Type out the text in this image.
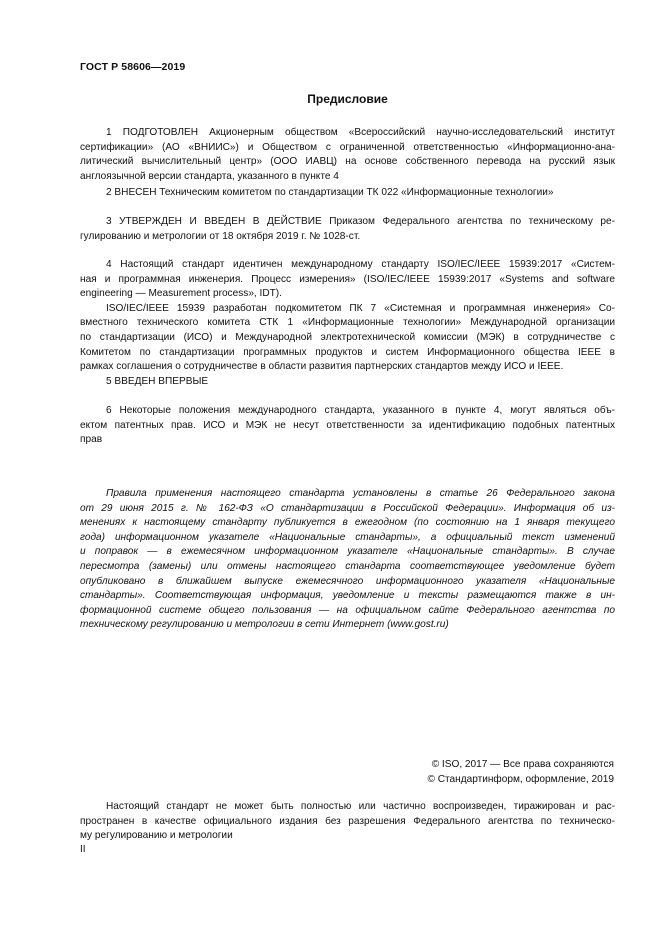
ГОСТ Р 58606—2019
Предисловие
1 ПОДГОТОВЛЕН Акционерным обществом «Всероссийский научно-исследовательский институт
сертификации» (АО «ВНИИС») и Обществом с ограниченной ответственностью «Информационно-ана-
литический вычислительный центр» (ООО ИАВЦ) на основе собственного перевода на русский язык
англоязычной версии стандарта, указанного в пункте 4
2 ВНЕСЕН Техническим комитетом по стандартизации ТК 022 «Информационные технологии»
3 УТВЕРЖДЕН И ВВЕДЕН В ДЕЙСТВИЕ Приказом Федерального агентства по техническому ре-
гулированию и метрологии от 18 октября 2019 г. № 1028-ст.
4 Настоящий стандарт идентичен международному стандарту ISO/IEC/IEEE 15939:2017 «Систем-
ная и программная инженерия. Процесс измерения» (ISO/IEC/IEEE 15939:2017 «Systems and software
engineering — Measurement process», IDT).
ISO/IEC/IEEE 15939 разработан подкомитетом ПК 7 «Системная и программная инженерия» Со-
вместного технического комитета СТК 1 «Информационные технологии» Международной организации
по стандартизации (ИСО) и Международной электротехнической комиссии (МЭК) в сотрудничестве с
Комитетом по стандартизации программных продуктов и систем Информационного общества IEEE в
рамках соглашения о сотрудничестве в области развития партнерских стандартов между ИСО и IEEE.
5 ВВЕДЕН ВПЕРВЫЕ
6 Некоторые положения международного стандарта, указанного в пункте 4, могут являться объ-
ектом патентных прав. ИСО и МЭК не несут ответственности за идентификацию подобных патентных
прав
Правила применения настоящего стандарта установлены в статье 26 Федерального закона
от 29 июня 2015 г. № 162-ФЗ «О стандартизации в Российской Федерации». Информация об из-
менениях к настоящему стандарту публикуется в ежегодном (по состоянию на 1 января текущего
года) информационном указателе «Национальные стандарты», а официальный текст изменений
и поправок — в ежемесячном информационном указателе «Национальные стандарты». В случае
пересмотра (замены) или отмены настоящего стандарта соответствующее уведомление будет
опубликовано в ближайшем выпуске ежемесячного информационного указателя «Национальные
стандарты». Соответствующая информация, уведомление и тексты размещаются также в ин-
формационной системе общего пользования — на официальном сайте Федерального агентства по
техническому регулированию и метрологии в сети Интернет (www.gost.ru)
© ISO, 2017 — Все права сохраняются
© Стандартинформ, оформление, 2019
Настоящий стандарт не может быть полностью или частично воспроизведен, тиражирован и рас-
пространен в качестве официального издания без разрешения Федерального агентства по техническо-
му регулированию и метрологии
II
